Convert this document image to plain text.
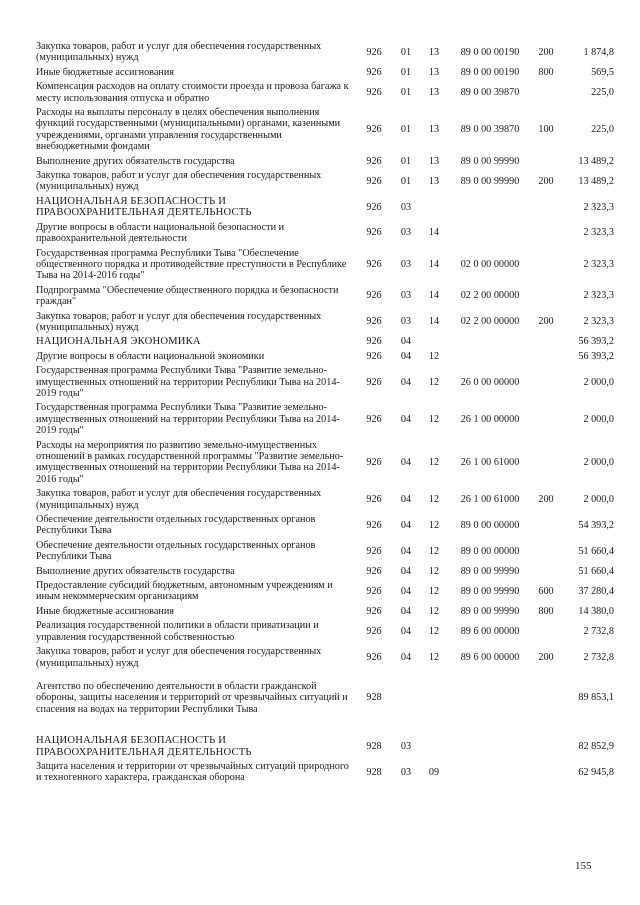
Закупка товаров, работ и услуг для обеспечения государственных (муниципальных) нужд	926	01	13	89 0 00 00190	200	1 874,8
Иные бюджетные ассигнования	926	01	13	89 0 00 00190	800	569,5
Компенсация расходов на оплату стоимости проезда и провоза багажа к месту использования отпуска и обратно	926	01	13	89 0 00 39870		225,0
Расходы на выплаты персоналу в целях обеспечения выполнения функций государственными (муниципальными) органами, казенными учреждениями, органами управления государственными внебюджетными фондами	926	01	13	89 0 00 39870	100	225,0
Выполнение других обязательств государства	926	01	13	89 0 00 99990		13 489,2
Закупка товаров, работ и услуг для обеспечения государственных (муниципальных) нужд	926	01	13	89 0 00 99990	200	13 489,2
НАЦИОНАЛЬНАЯ БЕЗОПАСНОСТЬ И ПРАВООХРАНИТЕЛЬНАЯ ДЕЯТЕЛЬНОСТЬ	926	03				2 323,3
Другие вопросы в области национальной безопасности и правоохранительной деятельности	926	03	14			2 323,3
Государственная программа Республики Тыва "Обеспечение общественного порядка и противодействие преступности в Республике Тыва на 2014-2016 годы"	926	03	14	02 0 00 00000		2 323,3
Подпрограмма "Обеспечение общественного порядка и безопасности граждан"	926	03	14	02 2 00 00000		2 323,3
Закупка товаров, работ и услуг для обеспечения государственных (муниципальных) нужд	926	03	14	02 2 00 00000	200	2 323,3
НАЦИОНАЛЬНАЯ ЭКОНОМИКА	926	04				56 393,2
Другие вопросы в области национальной экономики	926	04	12			56 393,2
Государственная программа Республики Тыва "Развитие земельно-имущественных отношений на территории Республики Тыва на 2014-2019 годы"	926	04	12	26 0 00 00000		2 000,0
Государственная программа Республики Тыва "Развитие земельно-имущественных отношений на территории Республики Тыва на 2014-2019 годы"	926	04	12	26 1 00 00000		2 000,0
Расходы на мероприятия по развитию земельно-имущественных отношений в рамках государственной программы "Развитие земельно-имущественных отношений на территории Республики Тыва на 2014-2016 годы"	926	04	12	26 1 00 61000		2 000,0
Закупка товаров, работ и услуг для обеспечения государственных (муниципальных) нужд	926	04	12	26 1 00 61000	200	2 000,0
Обеспечение деятельности отдельных государственных органов Республики Тыва	926	04	12	89 0 00 00000		54 393,2
Обеспечение деятельности отдельных государственных органов Республики Тыва	926	04	12	89 0 00 00000		51 660,4
Выполнение других обязательств государства	926	04	12	89 0 00 99990		51 660,4
Предоставление субсидий бюджетным, автономным учреждениям и иным некоммерческим организациям	926	04	12	89 0 00 99990	600	37 280,4
Иные бюджетные ассигнования	926	04	12	89 0 00 99990	800	14 380,0
Реализация государственной политики в области приватизации и управления государственной собственностью	926	04	12	89 6 00 00000		2 732,8
Закупка товаров, работ и услуг для обеспечения государственных (муниципальных) нужд	926	04	12	89 6 00 00000	200	2 732,8
Агентство по обеспечению деятельности в области гражданской обороны, защиты населения и территорий от чрезвычайных ситуаций и спасения на водах на территории Республики Тыва	928					89 853,1
НАЦИОНАЛЬНАЯ БЕЗОПАСНОСТЬ И ПРАВООХРАНИТЕЛЬНАЯ ДЕЯТЕЛЬНОСТЬ	928	03				82 852,9
Защита населения и территории от чрезвычайных ситуаций природного и техногенного характера, гражданская оборона	928	03	09			62 945,8
155
